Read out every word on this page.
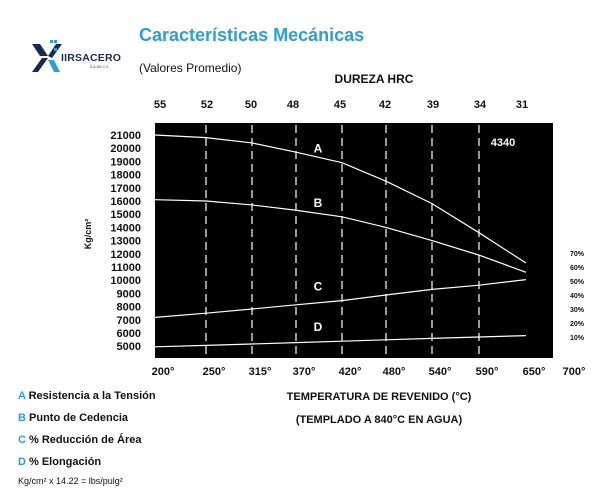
Características Mecánicas
(Valores Promedio)
IIRSACERO
S.A.DE.C.V.
DUREZA HRC
55	52	50	48	45	42	39	34	31
200°	250° 315° 370° 420° 480° 540° 590° 650° 700°
TEMPERATURA DE REVENIDO (°C)
(TEMPLADO A 840°C EN AGUA)
21000
20000
19000
18000
17000
16000
15000
14000
13000
12000
11000
10000
9000
8000
7000
6000
5000
Kg/cm²
70%
60%
50%
40%
30%
20%
10%
4340
A
B
C
D
A Resistencia a la Tensión
B Punto de Cedencia
C % Reducción de Área
D % Elongación
Kg/cm² x 14.22 = lbs/pulg²
